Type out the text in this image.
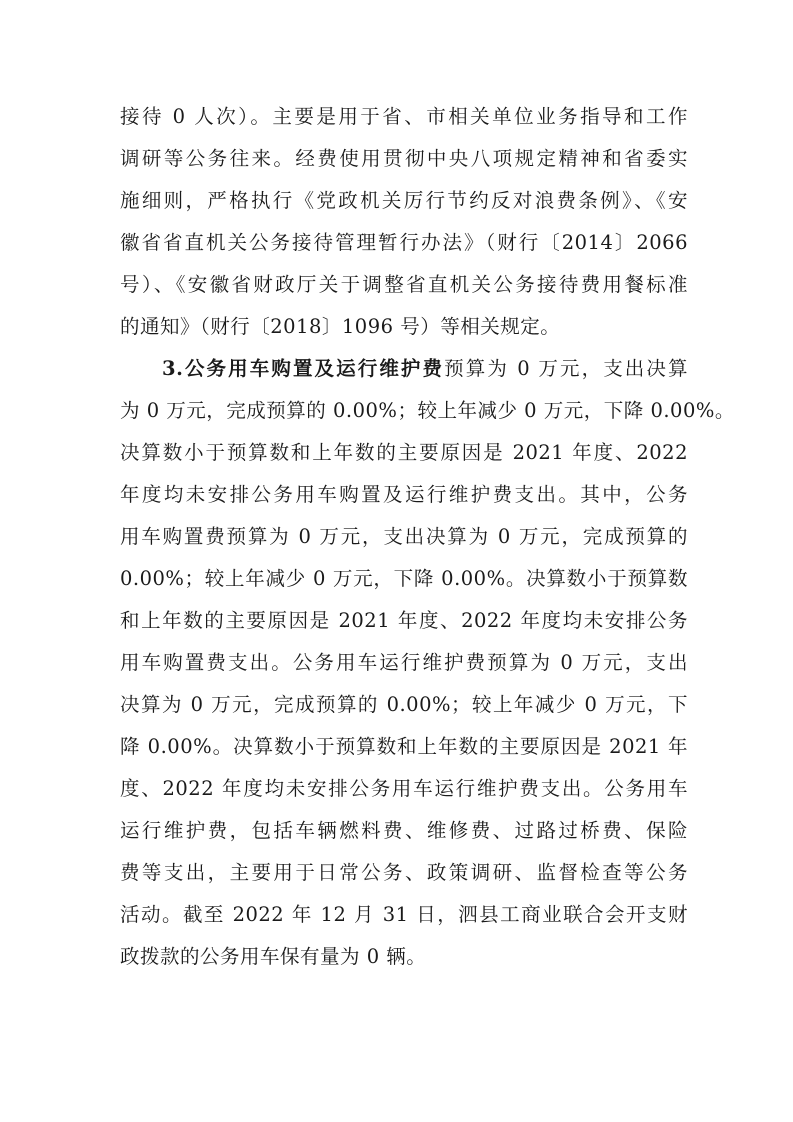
接待 0 人次）。主要是用于省、市相关单位业务指导和工作
调研等公务往来。经费使用贯彻中央八项规定精神和省委实
施细则，严格执行《党政机关厉行节约反对浪费条例》、《安
徽省省直机关公务接待管理暂行办法》（财行〔2014〕2066
号）、《安徽省财政厅关于调整省直机关公务接待费用餐标准
的通知》（财行〔2018〕1096 号）等相关规定。
3.公务用车购置及运行维护费预算为 0 万元，支出决算
为 0 万元，完成预算的 0.00%；较上年减少 0 万元，下降 0.00%。
决算数小于预算数和上年数的主要原因是 2021 年度、2022
年度均未安排公务用车购置及运行维护费支出。其中，公务
用车购置费预算为 0 万元，支出决算为 0 万元，完成预算的
0.00%；较上年减少 0 万元，下降 0.00%。决算数小于预算数
和上年数的主要原因是 2021 年度、2022 年度均未安排公务
用车购置费支出。公务用车运行维护费预算为 0 万元，支出
决算为 0 万元，完成预算的 0.00%；较上年减少 0 万元，下
降 0.00%。决算数小于预算数和上年数的主要原因是 2021 年
度、2022 年度均未安排公务用车运行维护费支出。公务用车
运行维护费，包括车辆燃料费、维修费、过路过桥费、保险
费等支出，主要用于日常公务、政策调研、监督检查等公务
活动。截至 2022 年 12 月 31 日，泗县工商业联合会开支财
政拨款的公务用车保有量为 0 辆。
